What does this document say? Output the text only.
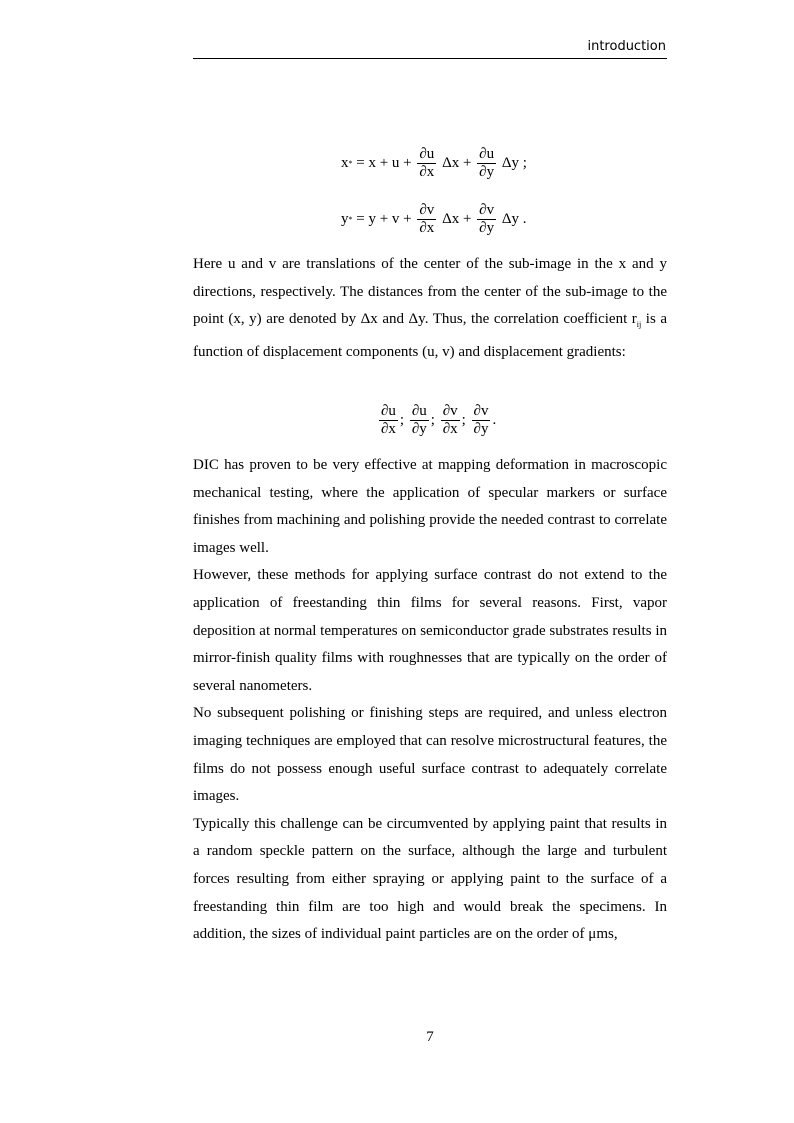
introduction
$x* = x + u + \frac{\partial u}{\partial x}$ $\Delta x + \frac{\partial u}{\partial y}$ Δy ;
$y* = y + v + \frac{\partial v}{\partial x}$ $\Delta x + \frac{\partial v}{\partial y}$ Δy .

Here u and v are translations of the center of the sub-image in the x and y directions, respectively. The distances from the center of the sub-image to the point (x, y) are denoted by Δx and Δy. Thus, the correlation coefficient $r_{ij}$ is a function of displacement components (u, v) and displacement gradients:

$\frac{\partial u}{\partial x}$ ; $\frac{\partial u}{\partial y}$ ; $\frac{\partial v}{\partial x}$ ; $\frac{\partial v}{\partial y}$ .

DIC has proven to be very effective at mapping deformation in macroscopic mechanical testing, where the application of specular markers or surface finishes from machining and polishing provide the needed contrast to correlate images well.

However, these methods for applying surface contrast do not extend to the application of freestanding thin films for several reasons. First, vapor deposition at normal temperatures on semiconductor grade substrates results in mirror-finish quality films with roughnesses that are typically on the order of several nanometers.

No subsequent polishing or finishing steps are required, and unless electron imaging techniques are employed that can resolve microstructural features, the films do not possess enough useful surface contrast to adequately correlate images.

Typically this challenge can be circumvented by applying paint that results in a random speckle pattern on the surface, although the large and turbulent forces resulting from either spraying or applying paint to the surface of a freestanding thin film are too high and would break the specimens. In addition, the sizes of individual paint particles are on the order of μms,

7
